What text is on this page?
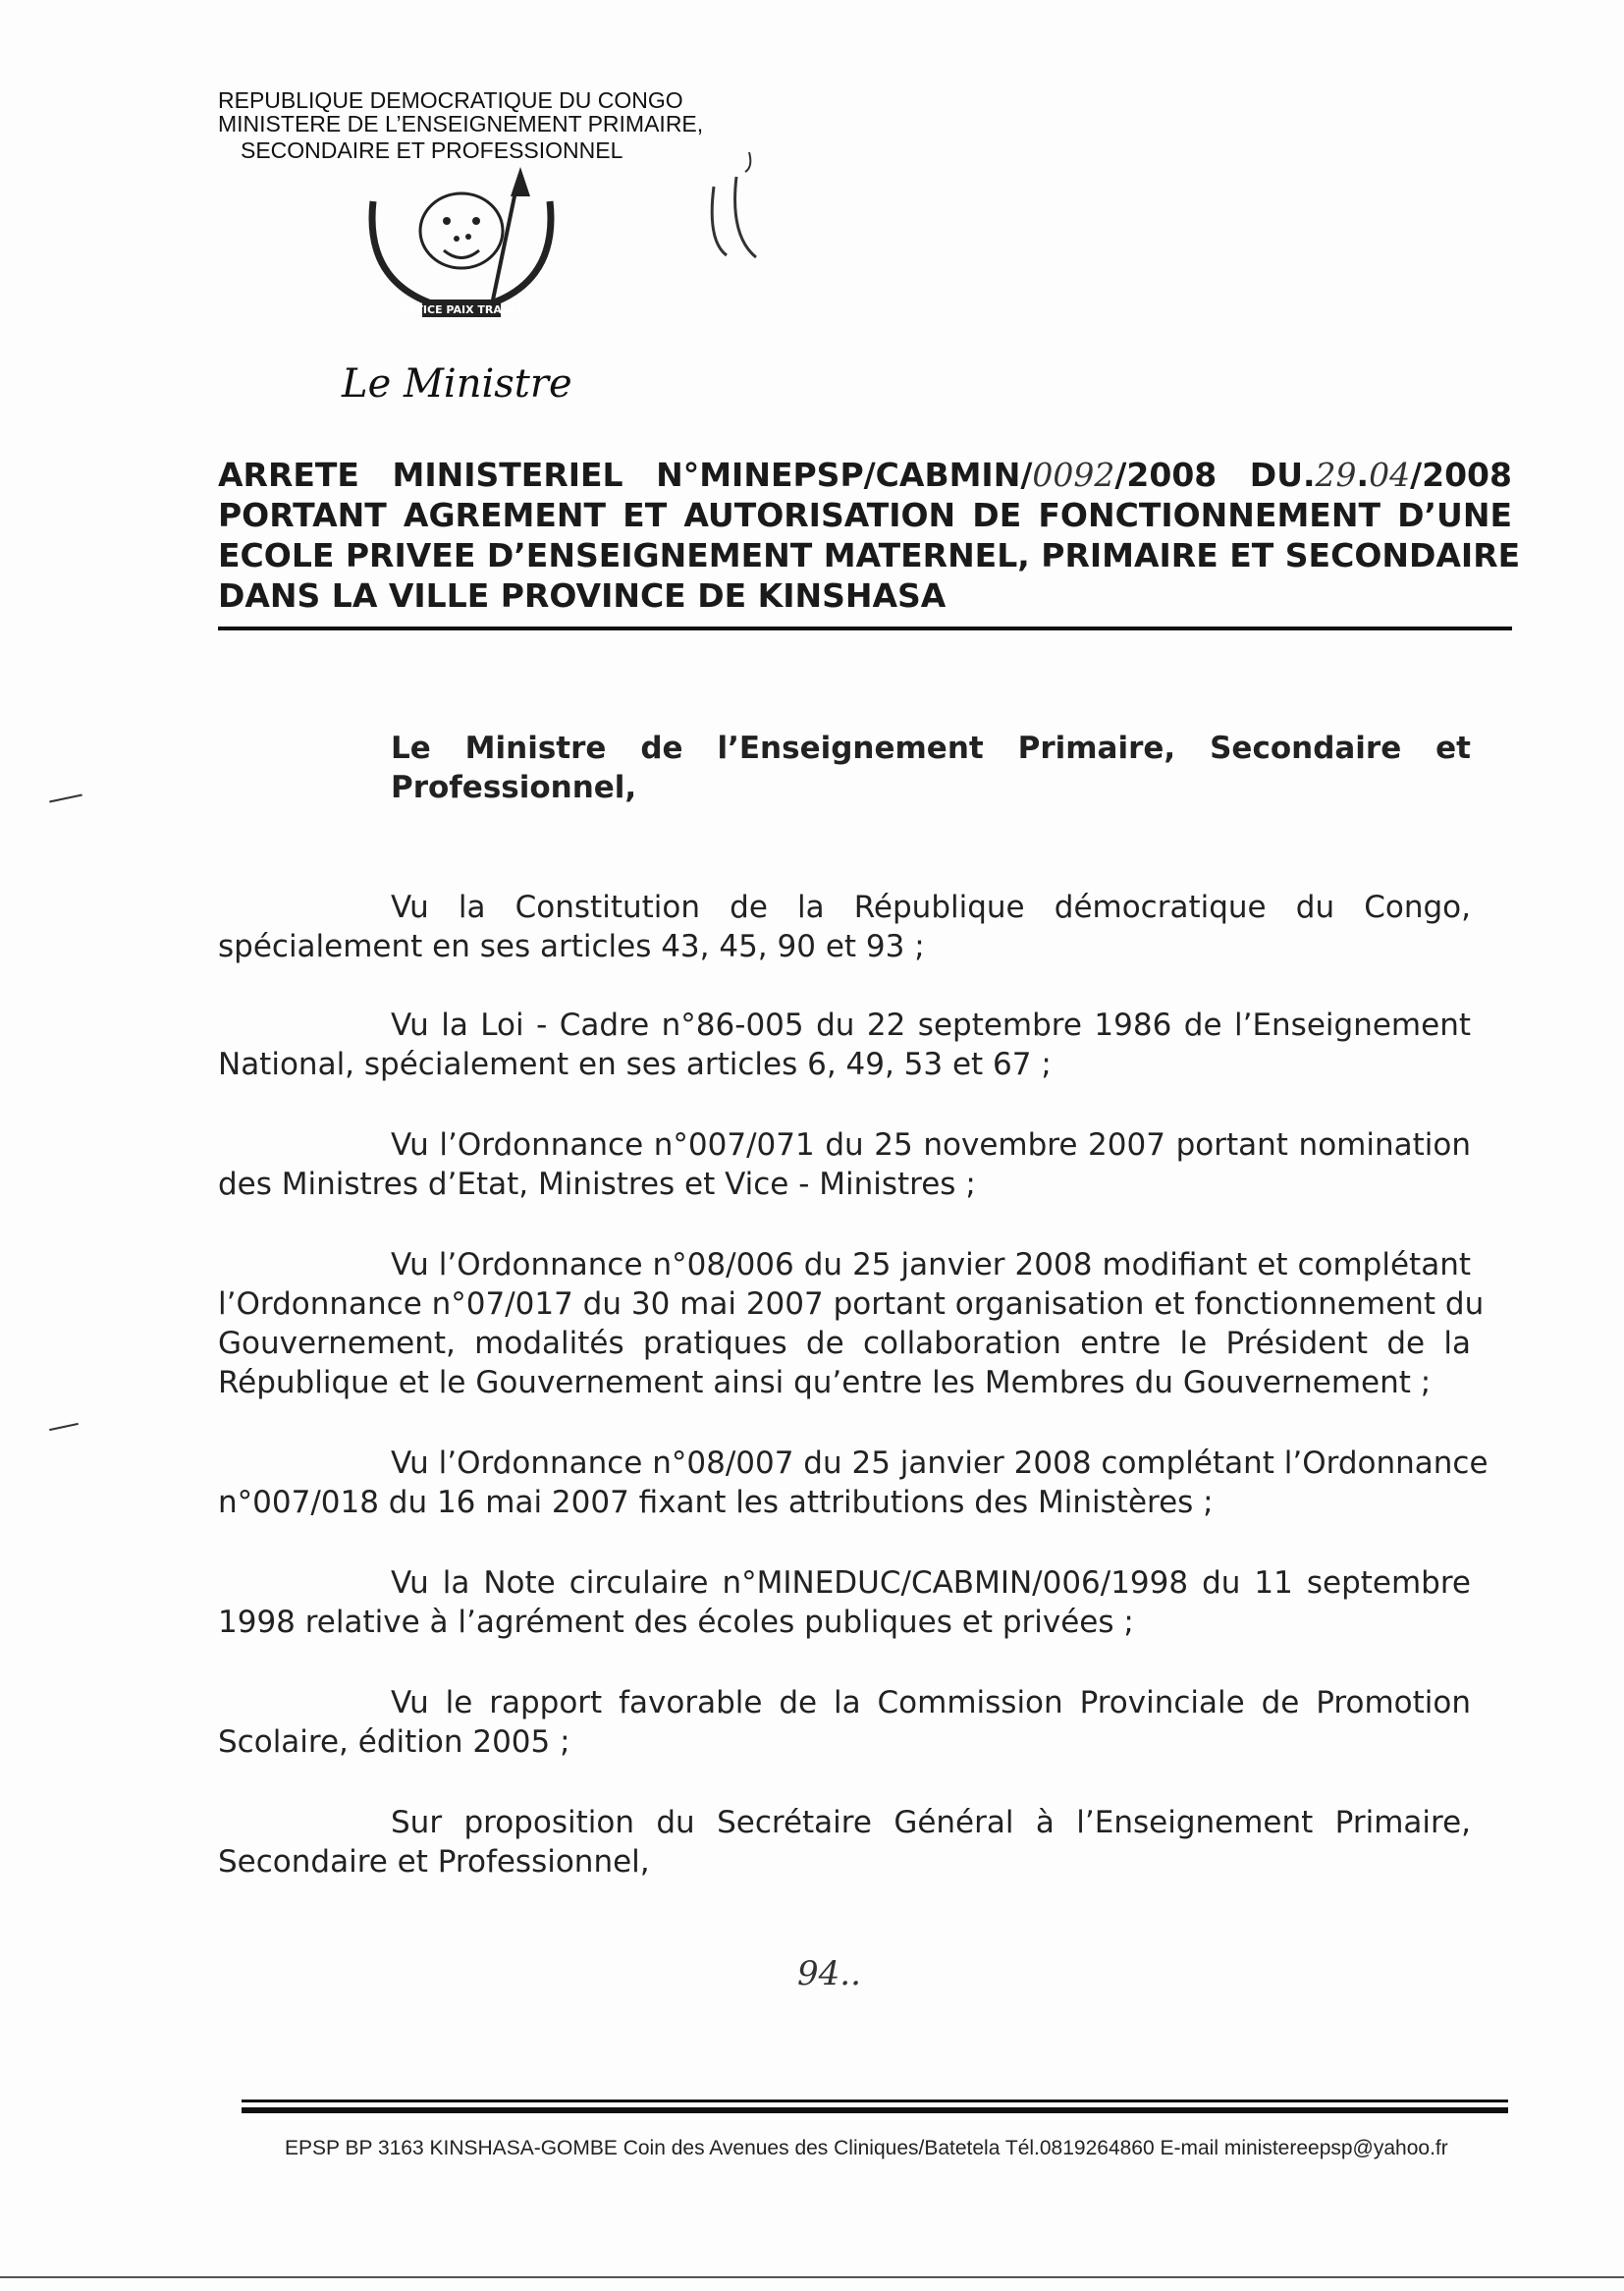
REPUBLIQUE DEMOCRATIQUE DU CONGO
MINISTERE DE L’ENSEIGNEMENT PRIMAIRE,
SECONDAIRE ET PROFESSIONNEL
JUSTICE PAIX TRAVAIL
Le Ministre
ARRETE MINISTERIEL N°MINEPSP/CABMIN/0092/2008 DU.29.04/2008
PORTANT AGREMENT ET AUTORISATION DE FONCTIONNEMENT D’UNE
ECOLE PRIVEE D’ENSEIGNEMENT MATERNEL, PRIMAIRE ET SECONDAIRE
DANS LA VILLE PROVINCE DE KINSHASA
Le Ministre de l’Enseignement Primaire, Secondaire et
Professionnel,
Vu la Constitution de la République démocratique du Congo,
spécialement en ses articles 43, 45, 90 et 93 ;
Vu la Loi - Cadre n°86-005 du 22 septembre 1986 de l’Enseignement
National, spécialement en ses articles 6, 49, 53 et 67 ;
Vu l’Ordonnance n°007/071 du 25 novembre 2007 portant nomination
des Ministres d’Etat, Ministres et Vice - Ministres ;
Vu l’Ordonnance n°08/006 du 25 janvier 2008 modifiant et complétant
l’Ordonnance n°07/017 du 30 mai 2007 portant organisation et fonctionnement du
Gouvernement, modalités pratiques de collaboration entre le Président de la
République et le Gouvernement ainsi qu’entre les Membres du Gouvernement ;
Vu l’Ordonnance n°08/007 du 25 janvier 2008 complétant l’Ordonnance
n°007/018 du 16 mai 2007 fixant les attributions des Ministères ;
Vu la Note circulaire n°MINEDUC/CABMIN/006/1998 du 11 septembre
1998 relative à l’agrément des écoles publiques et privées ;
Vu le rapport favorable de la Commission Provinciale de Promotion
Scolaire, édition 2005 ;
Sur proposition du Secrétaire Général à l’Enseignement Primaire,
Secondaire et Professionnel,
94..
EPSP BP 3163 KINSHASA-GOMBE Coin des Avenues des Cliniques/Batetela Tél.0819264860 E-mail ministereepsp@yahoo.fr
